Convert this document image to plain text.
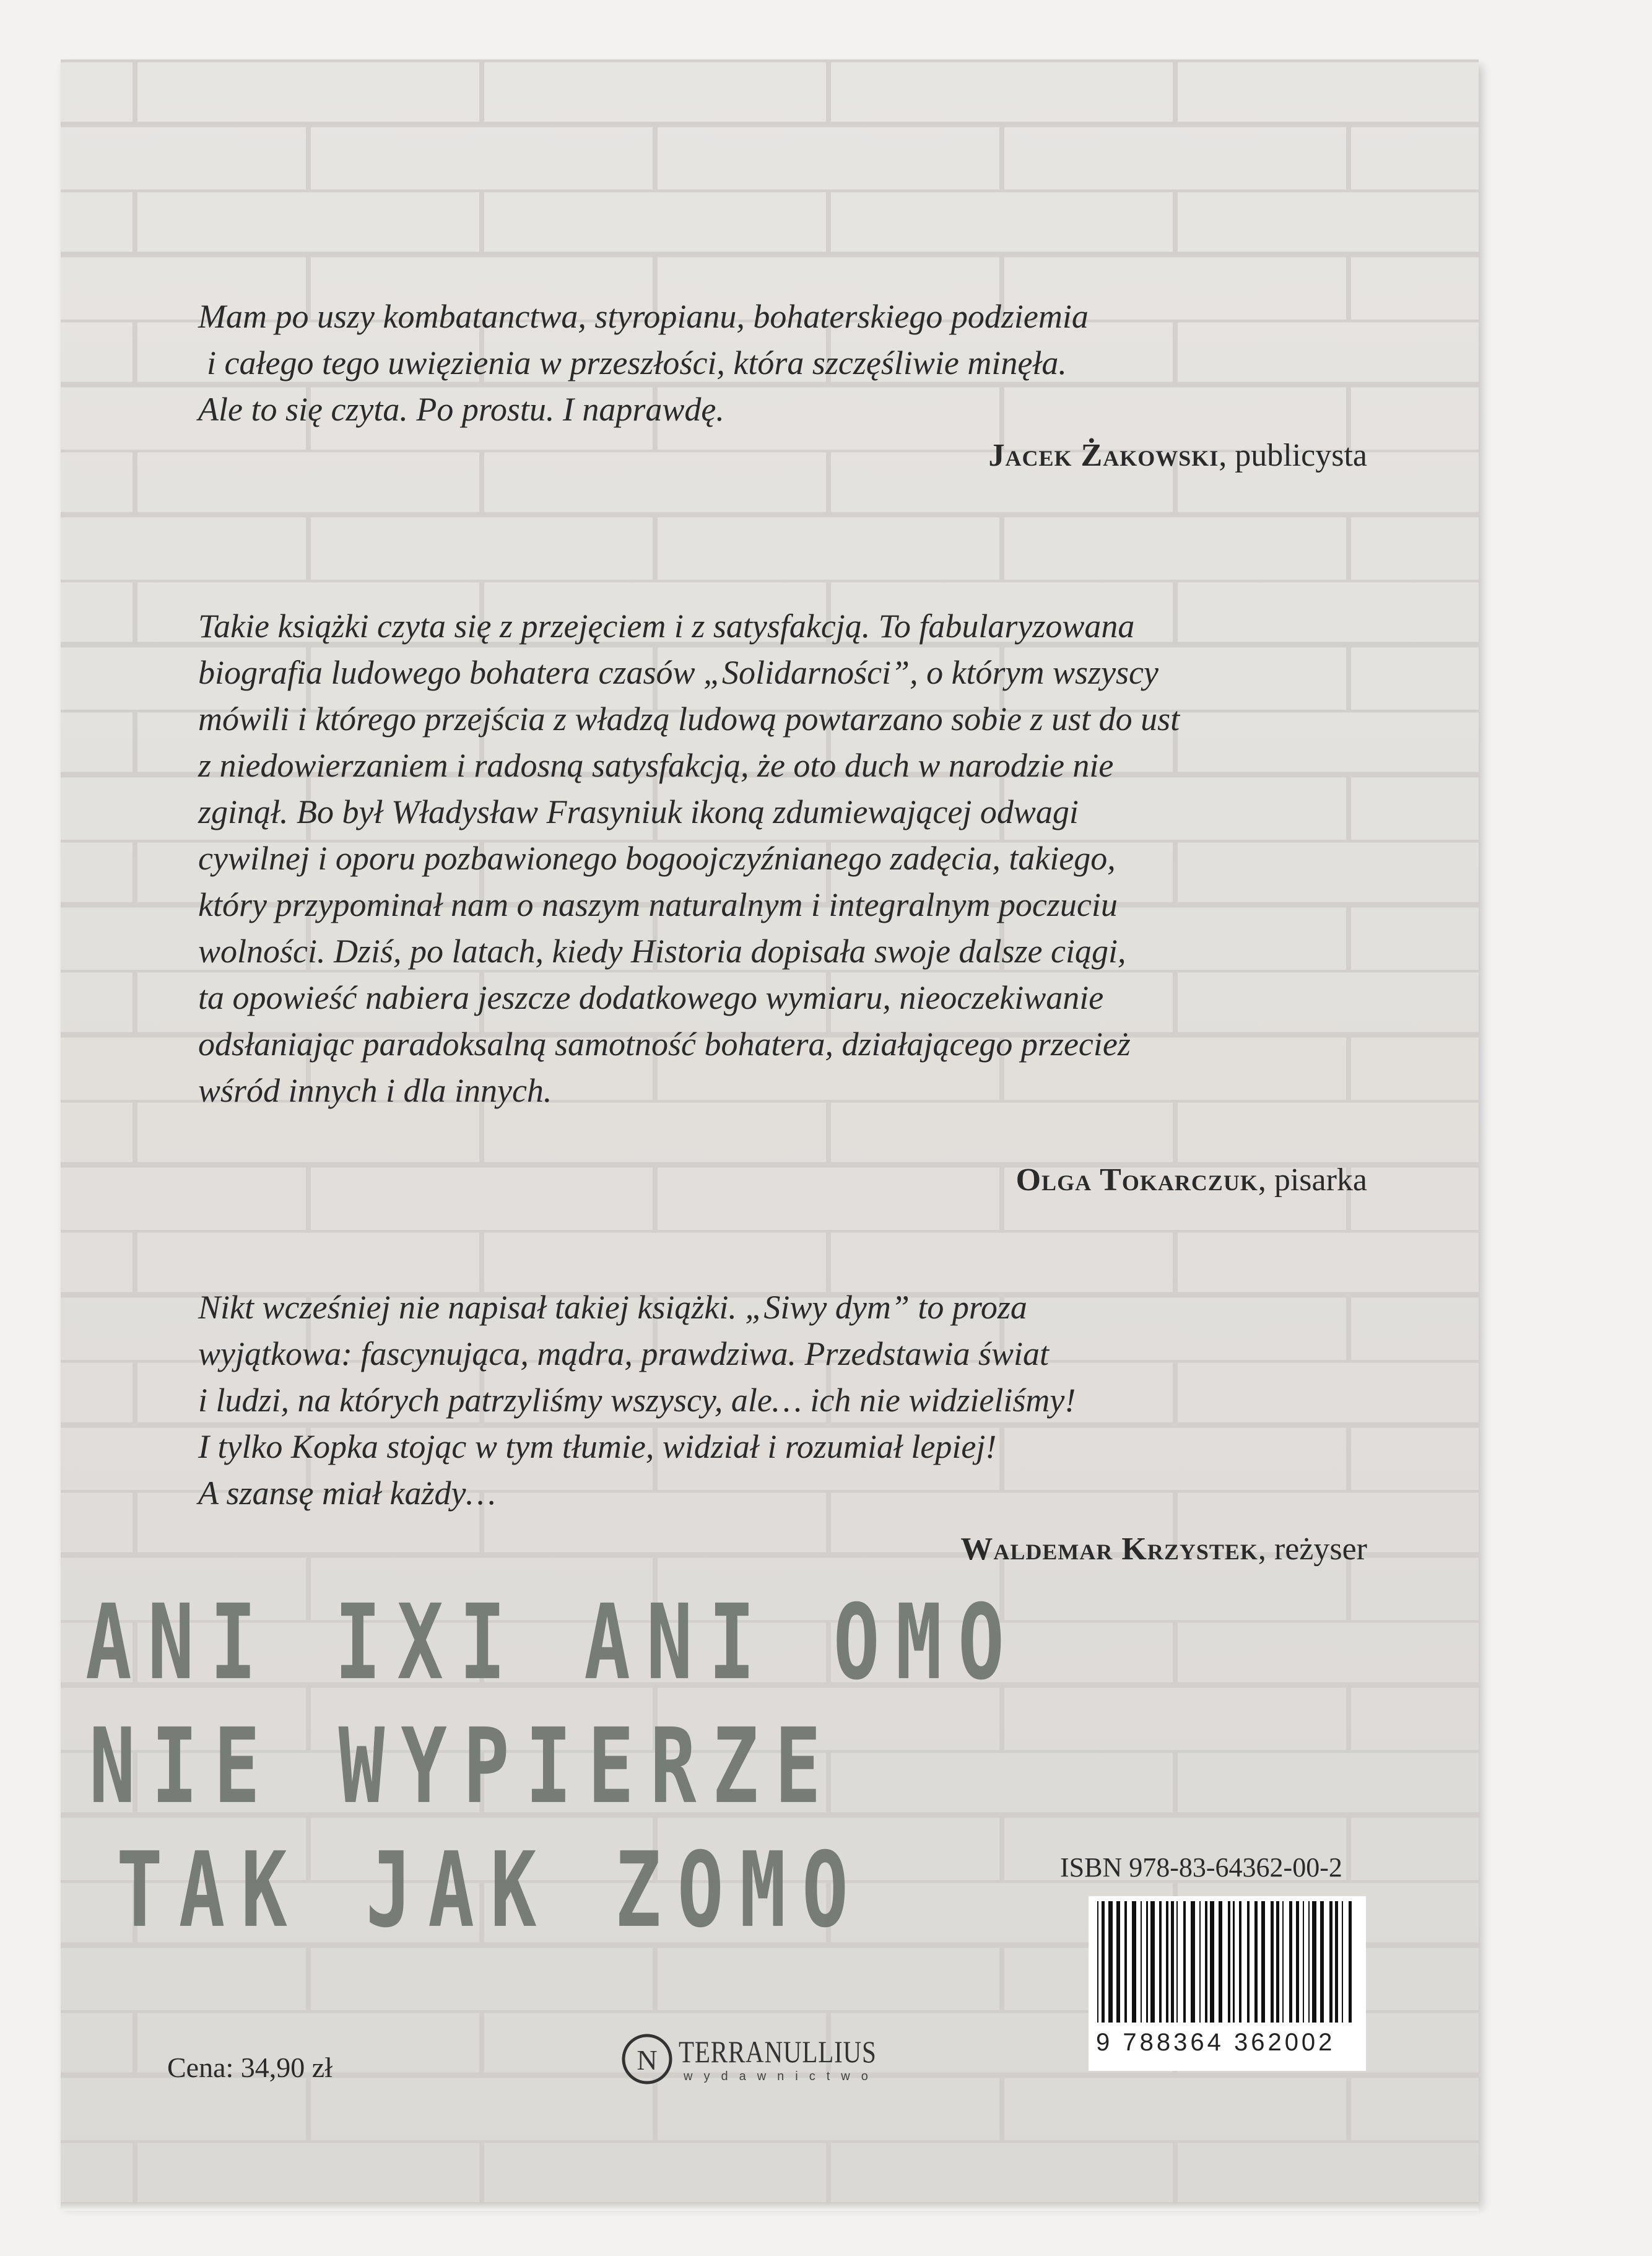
Mam po uszy kombatanctwa, styropianu, bohaterskiego podziemia
i całego tego uwięzienia w przeszłości, która szczęśliwie minęła.
Ale to się czyta. Po prostu. I naprawdę.
Jacek Żakowski, publicysta
Takie książki czyta się z przejęciem i z satysfakcją. To fabularyzowana
biografia ludowego bohatera czasów „Solidarności”, o którym wszyscy
mówili i którego przejścia z władzą ludową powtarzano sobie z ust do ust
z niedowierzaniem i radosną satysfakcją, że oto duch w narodzie nie
zginął. Bo był Władysław Frasyniuk ikoną zdumiewającej odwagi
cywilnej i oporu pozbawionego bogoojczyźnianego zadęcia, takiego,
który przypominał nam o naszym naturalnym i integralnym poczuciu
wolności. Dziś, po latach, kiedy Historia dopisała swoje dalsze ciągi,
ta opowieść nabiera jeszcze dodatkowego wymiaru, nieoczekiwanie
odsłaniając paradoksalną samotność bohatera, działającego przecież
wśród innych i dla innych.
Olga Tokarczuk, pisarka
Nikt wcześniej nie napisał takiej książki. „Siwy dym” to proza
wyjątkowa: fascynująca, mądra, prawdziwa. Przedstawia świat
i ludzi, na których patrzyliśmy wszyscy, ale… ich nie widzieliśmy!
I tylko Kopka stojąc w tym tłumie, widział i rozumiał lepiej!
A szansę miał każdy…
Waldemar Krzystek, reżyser
ANI IXI ANI OMO
NIE WYPIERZE
TAK JAK ZOMO	ISBN 978-83-64362-00-2
9 788364 362002
Cena: 34,90 zł	N TERRANULLIUS
wydawnictwo
